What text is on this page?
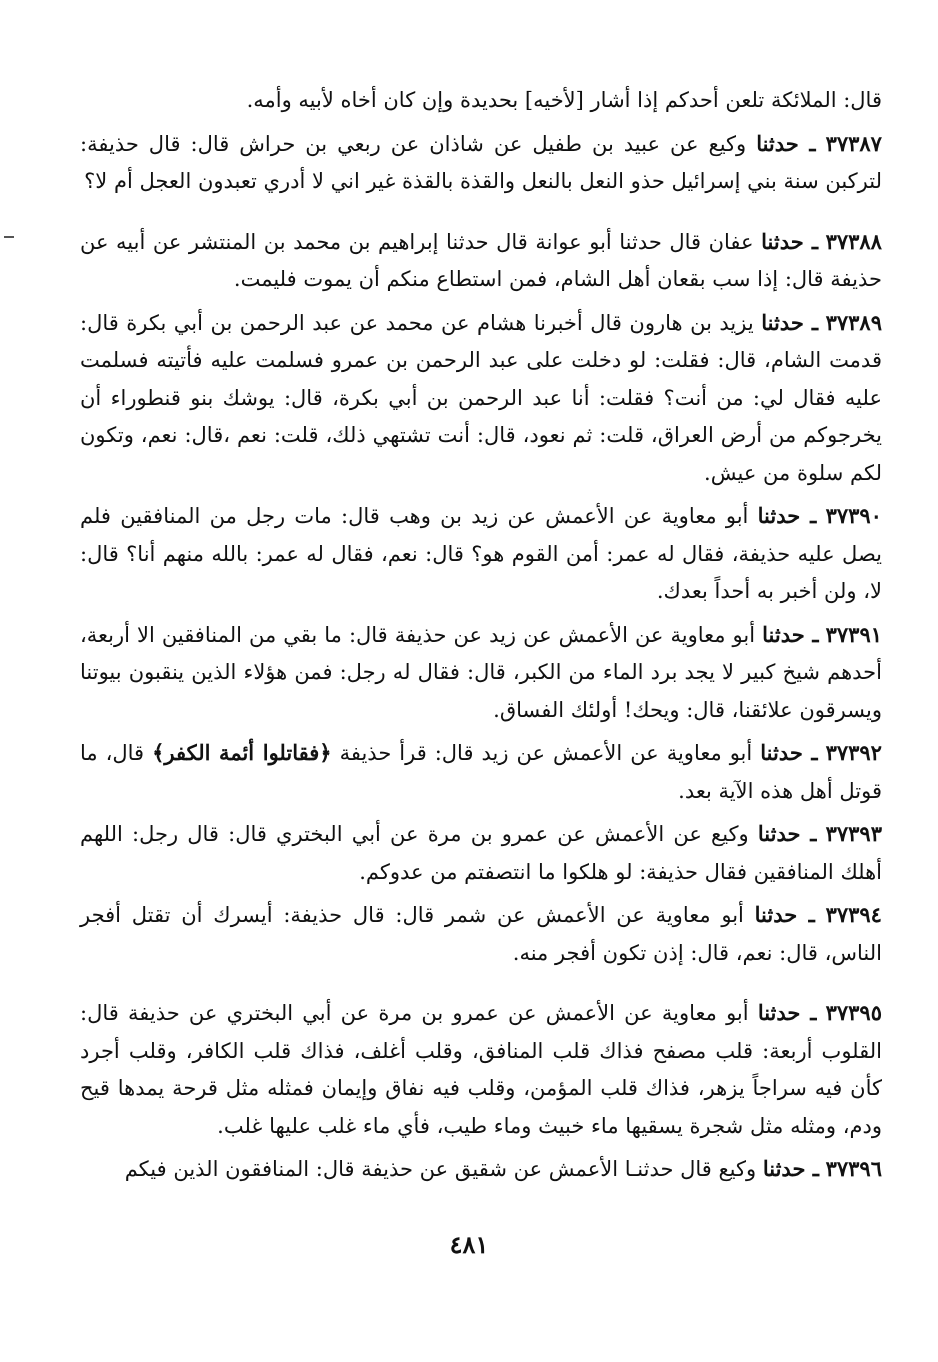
قال: الملائكة تلعن أحدكم إذا أشار [لأخيه] بحديدة وإن كان أخاه لأبيه وأمه.

٣٧٣٨٧ ـ حدثنا وكيع عن عبيد بن طفيل عن شاذان عن ربعي بن حراش قال: قال حذيفة: لتركبن سنة بني إسرائيل حذو النعل بالنعل والقذة بالقذة غير اني لا أدري تعبدون العجل أم لا؟

٣٧٣٨٨ ـ حدثنا عفان قال حدثنا أبو عوانة قال حدثنا إبراهيم بن محمد بن المنتشر عن أبيه عن حذيفة قال: إذا سب بقعان أهل الشام، فمن استطاع منكم أن يموت فليمت.

٣٧٣٨٩ ـ حدثنا يزيد بن هارون قال أخبرنا هشام عن محمد عن عبد الرحمن بن أبي بكرة قال: قدمت الشام، قال: فقلت: لو دخلت على عبد الرحمن بن عمرو فسلمت عليه فأتيته فسلمت عليه فقال لي: من أنت؟ فقلت: أنا عبد الرحمن بن أبي بكرة، قال: يوشك بنو قنطوراء أن يخرجوكم من أرض العراق، قلت: ثم نعود، قال: أنت تشتهي ذلك، قلت: نعم ،قال: نعم، وتكون لكم سلوة من عيش.

٣٧٣٩٠ ـ حدثنا أبو معاوية عن الأعمش عن زيد بن وهب قال: مات رجل من المنافقين فلم يصل عليه حذيفة، فقال له عمر: أمن القوم هو؟ قال: نعم، فقال له عمر: بالله منهم أنا؟ قال: لا، ولن أخبر به أحداً بعدك.

٣٧٣٩١ ـ حدثنا أبو معاوية عن الأعمش عن زيد عن حذيفة قال: ما بقي من المنافقين الا أربعة، أحدهم شيخ كبير لا يجد برد الماء من الكبر، قال: فقال له رجل: فمن هؤلاء الذين ينقبون بيوتنا ويسرقون علائقنا، قال: ويحك! أولئك الفساق.

٣٧٣٩٢ ـ حدثنا أبو معاوية عن الأعمش عن زيد قال: قرأ حذيفة ﴿فقاتلوا أئمة الكفر﴾ قال، ما قوتل أهل هذه الآية بعد.

٣٧٣٩٣ ـ حدثنا وكيع عن الأعمش عن عمرو بن مرة عن أبي البختري قال: قال رجل: اللهم أهلك المنافقين فقال حذيفة: لو هلكوا ما انتصفتم من عدوكم.

٣٧٣٩٤ ـ حدثنا أبو معاوية عن الأعمش عن شمر قال: قال حذيفة: أيسرك أن تقتل أفجر الناس، قال: نعم، قال: إذن تكون أفجر منه.

٣٧٣٩٥ ـ حدثنا أبو معاوية عن الأعمش عن عمرو بن مرة عن أبي البختري عن حذيفة قال: القلوب أربعة: قلب مصفح فذاك قلب المنافق، وقلب أغلف، فذاك قلب الكافر، وقلب أجرد كأن فيه سراجاً يزهر، فذاك قلب المؤمن، وقلب فيه نفاق وإيمان فمثله مثل قرحة يمدها قيح ودم، ومثله مثل شجرة يسقيها ماء خبيث وماء طيب، فأي ماء غلب عليها غلب.

٣٧٣٩٦ ـ حدثنا وكيع قال حدثنـا الأعمش عن شقيق عن حذيفة قال: المنافقون الذين فيكم

٤٨١
